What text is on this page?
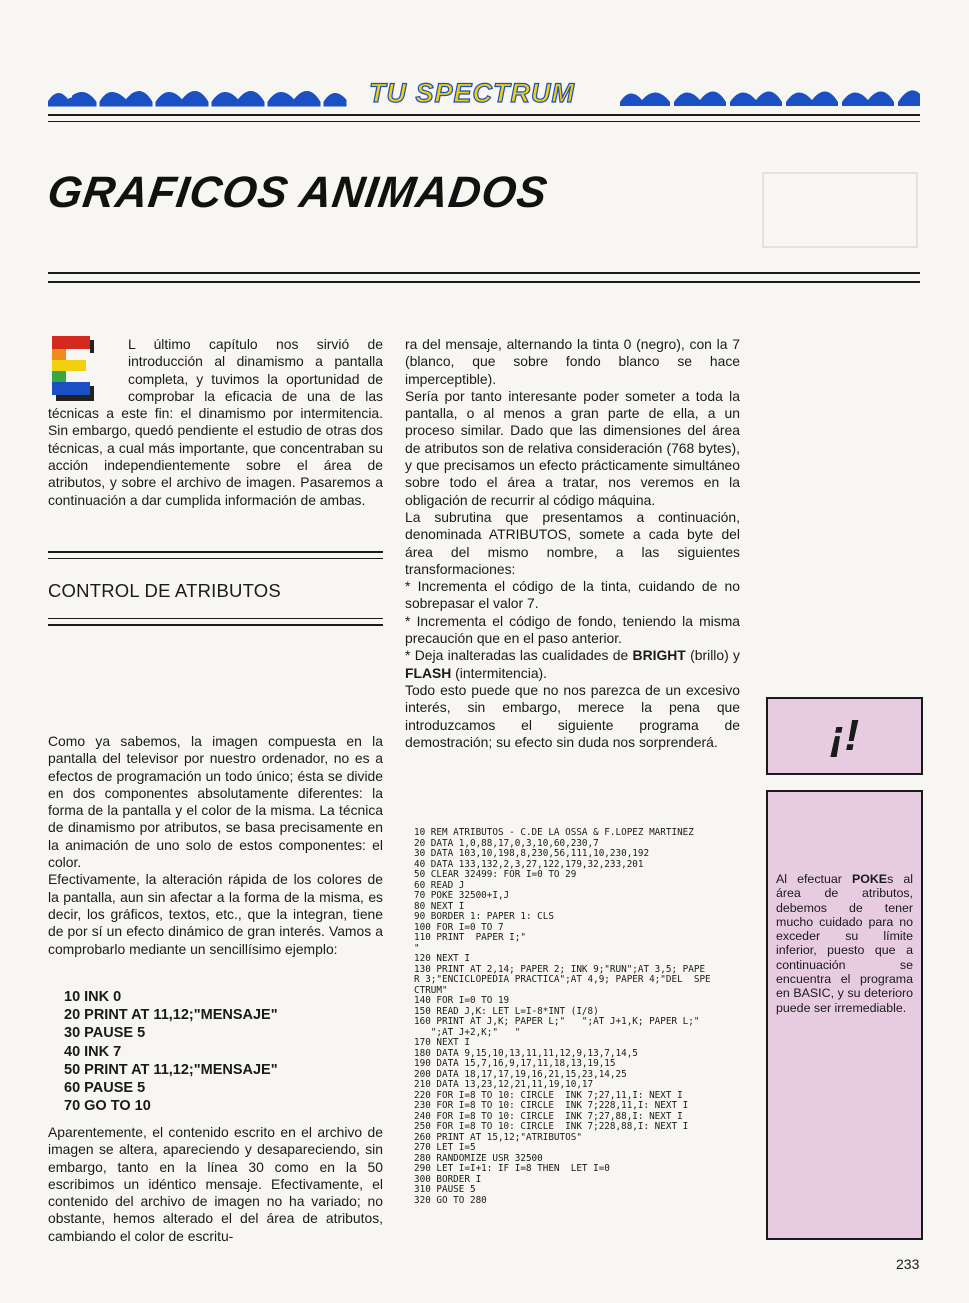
TU SPECTRUM
GRAFICOS ANIMADOS
L último capítulo nos sirvió de introducción al dinamismo a pantalla completa, y tuvimos la oportunidad de comprobar la eficacia de una de las técnicas a este fin: el dinamismo por intermitencia. Sin embargo, quedó pendiente el estudio de otras dos técnicas, a cual más importante, que concentraban su acción independientemente sobre el área de atributos, y sobre el archivo de imagen. Pasaremos a continuación a dar cumplida información de ambas.
CONTROL DE ATRIBUTOS

Como ya sabemos, la imagen compuesta en la pantalla del televisor por nuestro ordenador, no es a efectos de programación un todo único; ésta se divide en dos componentes absolutamente diferentes: la forma de la pantalla y el color de la misma. La técnica de dinamismo por atributos, se basa precisamente en la animación de uno solo de estos componentes: el color.

Efectivamente, la alteración rápida de los colores de la pantalla, aun sin afectar a la forma de la misma, es decir, los gráficos, textos, etc., que la integran, tiene de por sí un efecto dinámico de gran interés. Vamos a comprobarlo mediante un sencillísimo ejemplo:

10 INK 0
20 PRINT AT 11,12;"MENSAJE"
30 PAUSE 5
40 INK 7
50 PRINT AT 11,12;"MENSAJE"
60 PAUSE 5
70 GO TO 10

Aparentemente, el contenido escrito en el archivo de imagen se altera, apareciendo y desapareciendo, sin embargo, tanto en la línea 30 como en la 50 escribimos un idéntico mensaje. Efectivamente, el contenido del archivo de imagen no ha variado; no obstante, hemos alterado el del área de atributos, cambiando el color de escritu-

ra del mensaje, alternando la tinta 0 (negro), con la 7 (blanco, que sobre fondo blanco se hace imperceptible).

Sería por tanto interesante poder someter a toda la pantalla, o al menos a gran parte de ella, a un proceso similar. Dado que las dimensiones del área de atributos son de relativa consideración (768 bytes), y que precisamos un efecto prácticamente simultáneo sobre todo el área a tratar, nos veremos en la obligación de recurrir al código máquina.

La subrutina que presentamos a continuación, denominada ATRIBUTOS, somete a cada byte del área del mismo nombre, a las siguientes transformaciones:

* Incrementa el código de la tinta, cuidando de no sobrepasar el valor 7.

* Incrementa el código de fondo, teniendo la misma precaución que en el paso anterior.

* Deja inalteradas las cualidades de BRIGHT (brillo) y FLASH (intermitencia).

Todo esto puede que no nos parezca de un excesivo interés, sin embargo, merece la pena que introduzcamos el siguiente programa de demostración; su efecto sin duda nos sorprenderá.

10 REM ATRIBUTOS - C.DE LA OSSA & F.LOPEZ MARTINEZ
20 DATA 1,0,88,17,0,3,10,60,230,7
30 DATA 103,10,198,8,230,56,111,10,230,192
40 DATA 133,132,2,3,27,122,179,32,233,201
50 CLEAR 32499: FOR I=0 TO 29
60 READ J
70 POKE 32500+I,J
80 NEXT I
90 BORDER 1: PAPER 1: CLS
100 FOR I=0 TO 7
110 PRINT  PAPER I;"
"
120 NEXT I
130 PRINT AT 2,14; PAPER 2; INK 9;"RUN";AT 3,5; PAPE
R 3;"ENCICLOPEDIA PRACTICA";AT 4,9; PAPER 4;"DEL  SPE
CTRUM"
140 FOR I=0 TO 19
150 READ J,K: LET L=I-8*INT (I/8)
160 PRINT AT J,K; PAPER L;"   ";AT J+1,K; PAPER L;"
";AT J+2,K;"   "
170 NEXT I
180 DATA 9,15,10,13,11,11,12,9,13,7,14,5
190 DATA 15,7,16,9,17,11,18,13,19,15
200 DATA 18,17,17,19,16,21,15,23,14,25
210 DATA 13,23,12,21,11,19,10,17
220 FOR I=8 TO 10: CIRCLE  INK 7;27,11,I: NEXT I
230 FOR I=8 TO 10: CIRCLE  INK 7;228,11,I: NEXT I
240 FOR I=8 TO 10: CIRCLE  INK 7;27,88,I: NEXT I
250 FOR I=8 TO 10: CIRCLE  INK 7;228,88,I: NEXT I
260 PRINT AT 15,12;"ATRIBUTOS"
270 LET I=5
280 RANDOMIZE USR 32500
290 LET I=I+1: IF I=8 THEN  LET I=0
300 BORDER I
310 PAUSE 5
320 GO TO 280
¡!
Al efectuar POKEs al área de atributos, debemos de tener mucho cuidado para no exceder su límite inferior, puesto que a continuación se encuentra el programa en BASIC, y su deterioro puede ser irremediable.
233
